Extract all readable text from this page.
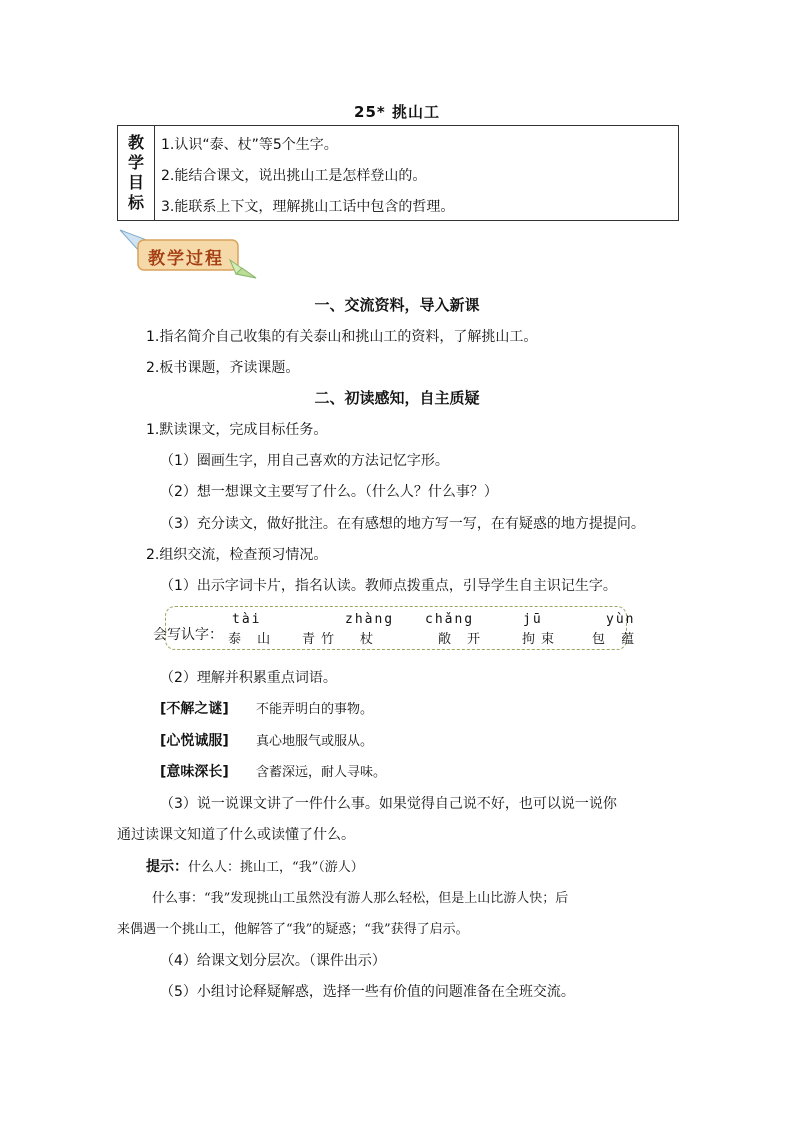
25* 挑山工
教
学
目
标
1.认识“泰、杖”等5个生字。
2.能结合课文，说出挑山工是怎样登山的。
3.能联系上下文，理解挑山工话中包含的哲理。
教学过程
一、交流资料，导入新课
1.指名简介自己收集的有关泰山和挑山工的资料，了解挑山工。
2.板书课题，齐读课题。
二、初读感知，自主质疑
1.默读课文，完成目标任务。
（1）圈画生字，用自己喜欢的方法记忆字形。
（2）想一想课文主要写了什么。（什么人？什么事？）
（3）充分读文，做好批注。在有感想的地方写一写，在有疑惑的地方提提问。
2.组织交流，检查预习情况。
（1）出示字词卡片，指名认读。教师点拨重点，引导学生自主识记生字。
会写认字：
tài
泰 山 青竹
zhàng
杖
chǎng
敞 开
jū
拘束
yùn
包 蕴
（2）理解并积累重点词语。
[不解之谜] 不能弄明白的事物。
[心悦诚服] 真心地服气或服从。
[意味深长] 含蓄深远，耐人寻味。
（3）说一说课文讲了一件什么事。如果觉得自己说不好，也可以说一说你
通过读课文知道了什么或读懂了什么。
提示：什么人：挑山工，“我”（游人）
什么事：“我”发现挑山工虽然没有游人那么轻松，但是上山比游人快；后
来偶遇一个挑山工，他解答了“我”的疑惑；“我”获得了启示。
（4）给课文划分层次。（课件出示）
（5）小组讨论释疑解惑，选择一些有价值的问题准备在全班交流。
